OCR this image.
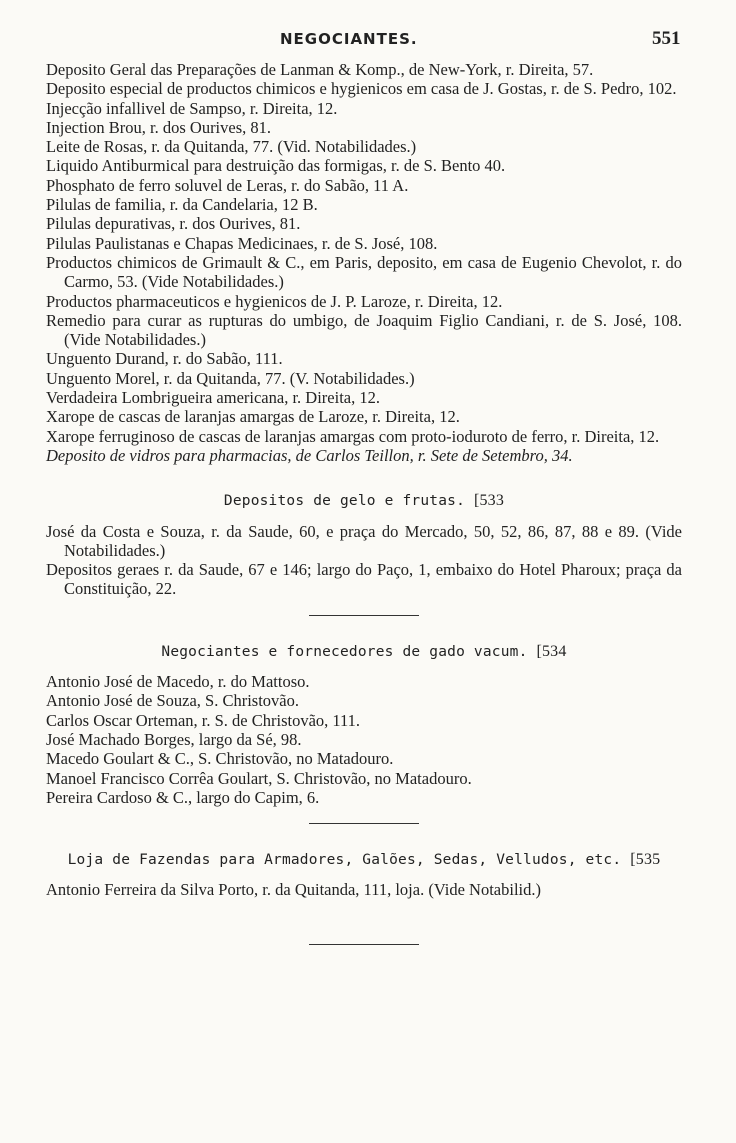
NEGOCIANTES.	551
Deposito Geral das Preparações de Lanman & Komp., de New-York, r. Direita, 57.
Deposito especial de productos chimicos e hygienicos em casa de J. Gostas, r. de S. Pedro, 102.
Injecção infallivel de Sampso, r. Direita, 12.
Injection Brou, r. dos Ourives, 81.
Leite de Rosas, r. da Quitanda, 77. (Vid. Notabilidades.)
Liquido Antiburmical para destruição das formigas, r. de S. Bento 40.
Phosphato de ferro soluvel de Leras, r. do Sabão, 11 A.
Pilulas de familia, r. da Candelaria, 12 B.
Pilulas depurativas, r. dos Ourives, 81.
Pilulas Paulistanas e Chapas Medicinaes, r. de S. José, 108.
Productos chimicos de Grimault & C., em Paris, deposito, em casa de Eugenio Chevolot, r. do Carmo, 53. (Vide Notabilidades.)
Productos pharmaceuticos e hygienicos de J. P. Laroze, r. Direita, 12.
Remedio para curar as rupturas do umbigo, de Joaquim Figlio Candiani, r. de S. José, 108. (Vide Notabilidades.)
Unguento Durand, r. do Sabão, 111.
Unguento Morel, r. da Quitanda, 77. (V. Notabilidades.)
Verdadeira Lombrigueira americana, r. Direita, 12.
Xarope de cascas de laranjas amargas de Laroze, r. Direita, 12.
Xarope ferruginoso de cascas de laranjas amargas com proto-ioduroto de ferro, r. Direita, 12.
Deposito de vidros para pharmacias, de Carlos Teillon, r. Sete de Setembro, 34.
Depositos de gelo e frutas. [533
José da Costa e Souza, r. da Saude, 60, e praça do Mercado, 50, 52, 86, 87, 88 e 89. (Vide Notabilidades.)
Depositos geraes r. da Saude, 67 e 146; largo do Paço, 1, embaixo do Hotel Pharoux; praça da Constituição, 22.
Negociantes e fornecedores de gado vacum. [534
Antonio José de Macedo, r. do Mattoso.
Antonio José de Souza, S. Christovão.
Carlos Oscar Orteman, r. S. de Christovão, 111.
José Machado Borges, largo da Sé, 98.
Macedo Goulart & C., S. Christovão, no Matadouro.
Manoel Francisco Corrêa Goulart, S. Christovão, no Matadouro.
Pereira Cardoso & C., largo do Capim, 6.
Loja de Fazendas para Armadores, Galões, Sedas, Velludos, etc. [535
Antonio Ferreira da Silva Porto, r. da Quitanda, 111, loja. (Vide Notabilid.)
